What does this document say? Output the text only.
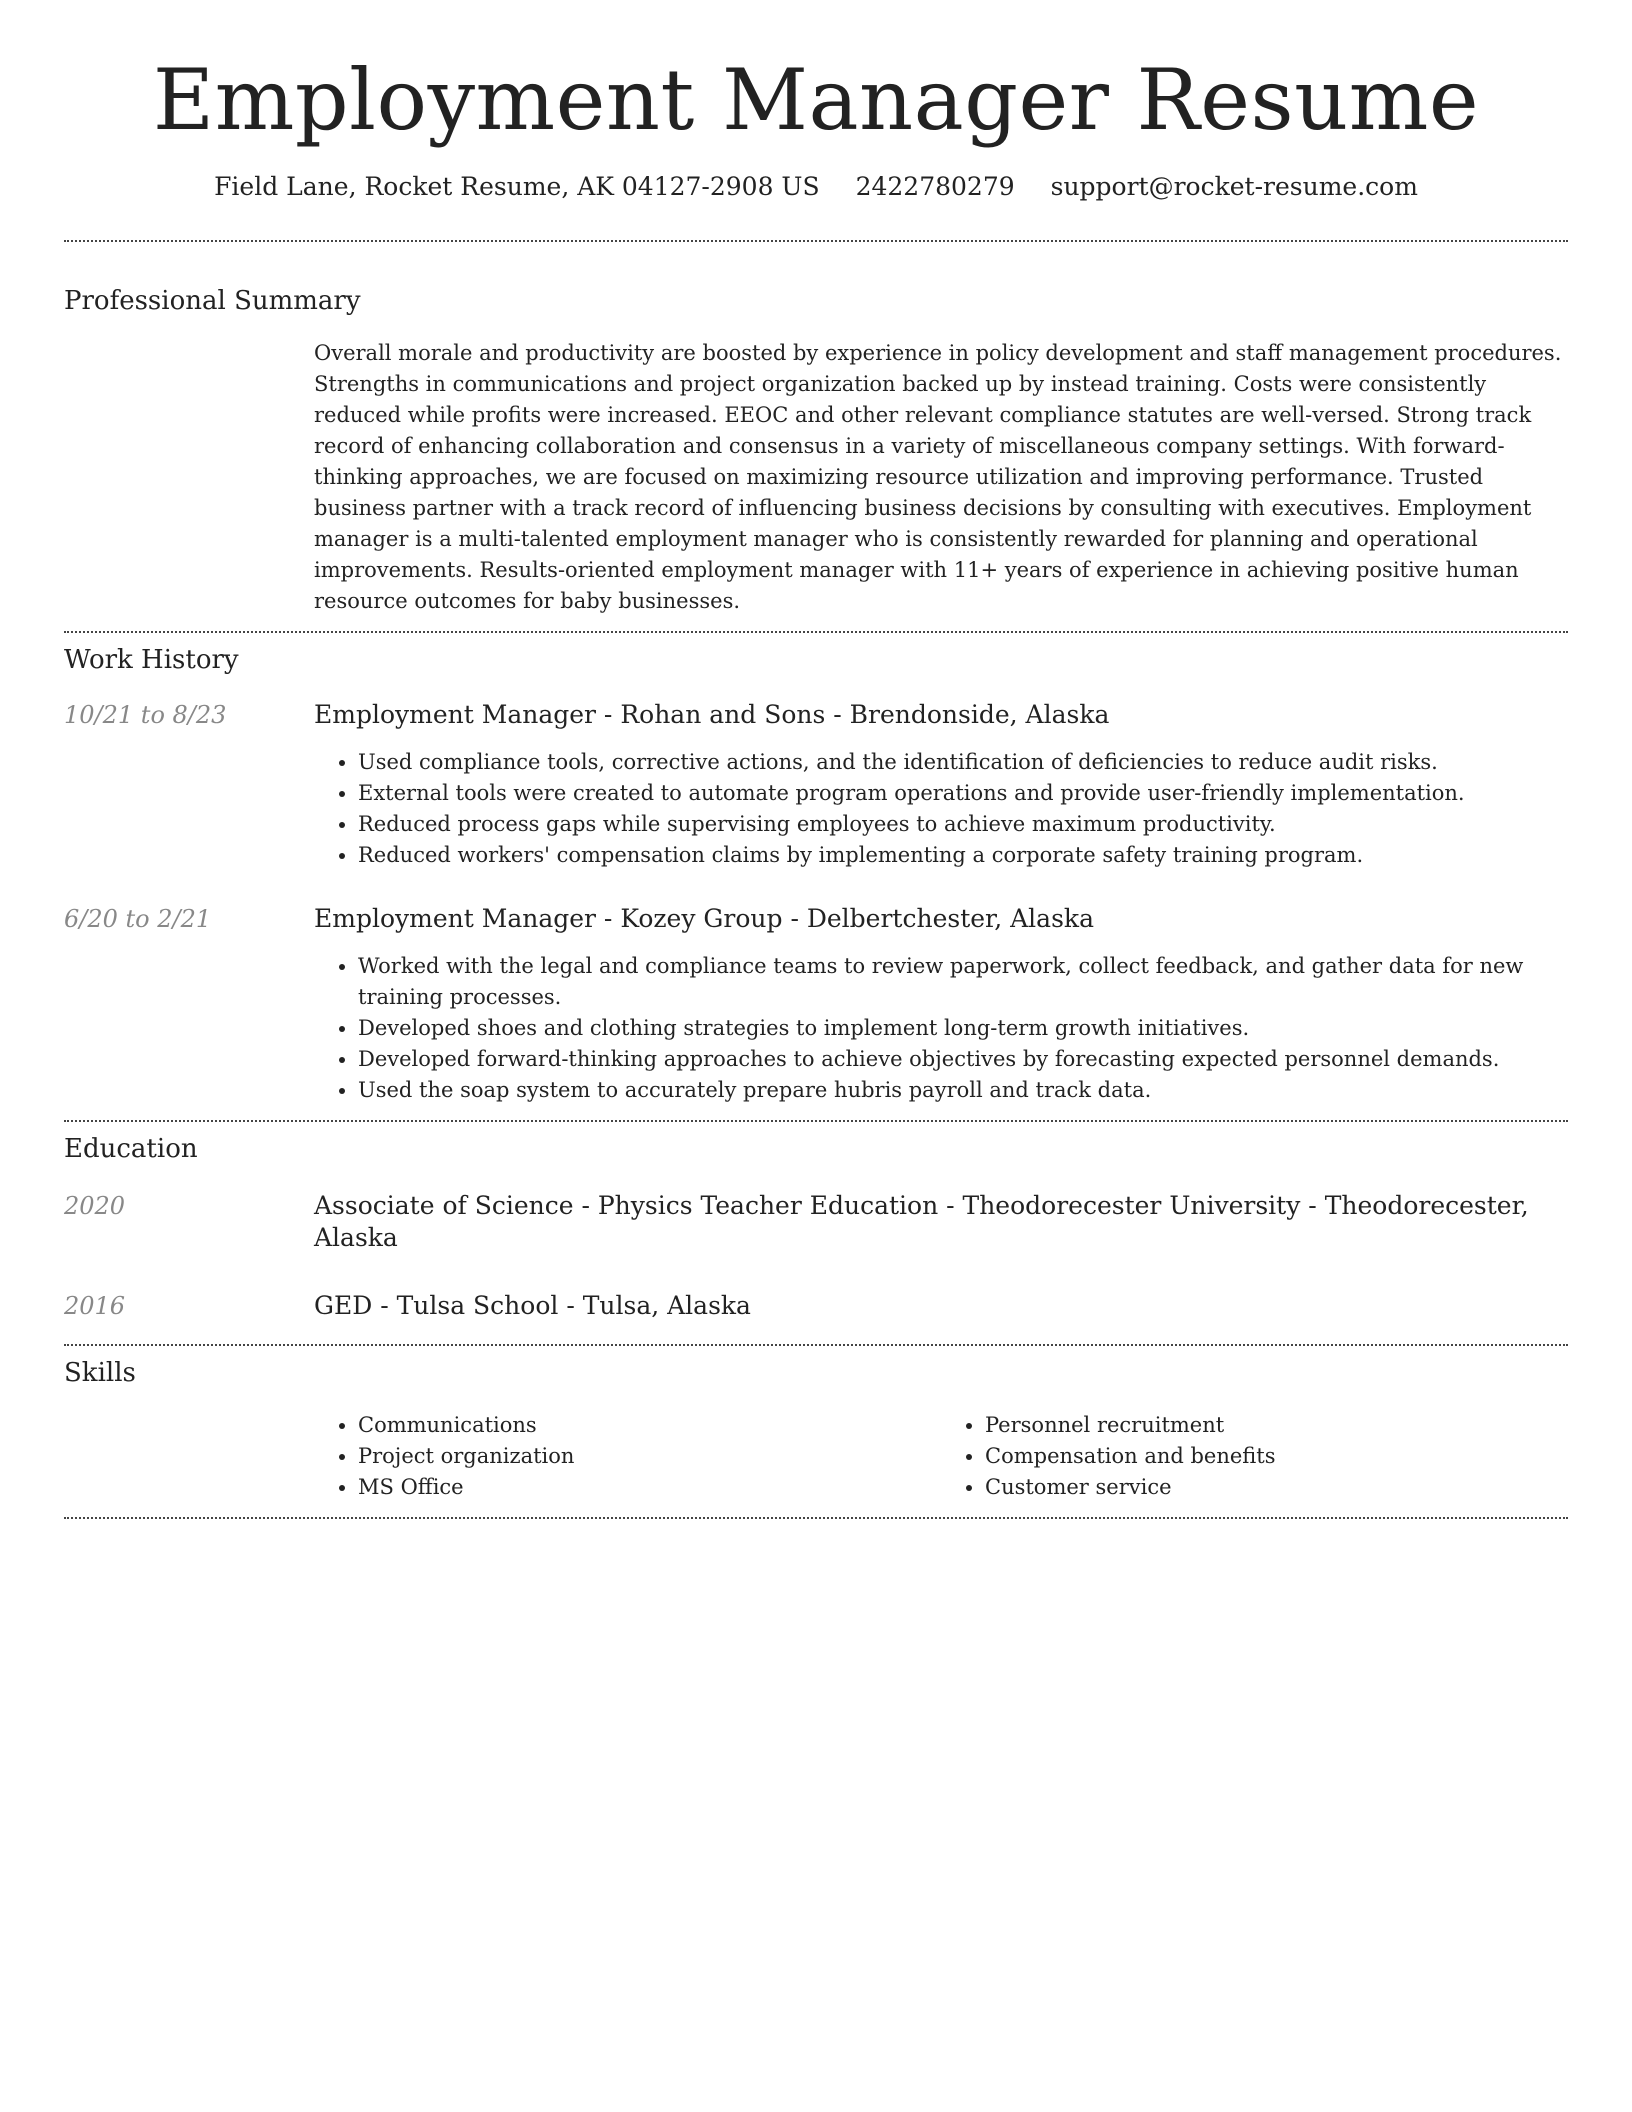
Employment Manager Resume
Field Lane, Rocket Resume, AK 04127-2908 US 2422780279 support@rocket-resume.com
Professional Summary
Overall morale and productivity are boosted by experience in policy development and staff management procedures. Strengths in communications and project organization backed up by instead training. Costs were consistently reduced while profits were increased. EEOC and other relevant compliance statutes are well-versed. Strong track record of enhancing collaboration and consensus in a variety of miscellaneous company settings. With forward-thinking approaches, we are focused on maximizing resource utilization and improving performance. Trusted business partner with a track record of influencing business decisions by consulting with executives. Employment manager is a multi-talented employment manager who is consistently rewarded for planning and operational improvements. Results-oriented employment manager with 11+ years of experience in achieving positive human resource outcomes for baby businesses.
Work History
10/21 to 8/23	Employment Manager - Rohan and Sons - Brendonside, Alaska
• Used compliance tools, corrective actions, and the identification of deficiencies to reduce audit risks.
• External tools were created to automate program operations and provide user-friendly implementation.
• Reduced process gaps while supervising employees to achieve maximum productivity.
• Reduced workers' compensation claims by implementing a corporate safety training program.
6/20 to 2/21	Employment Manager - Kozey Group - Delbertchester, Alaska
• Worked with the legal and compliance teams to review paperwork, collect feedback, and gather data for new training processes.
• Developed shoes and clothing strategies to implement long-term growth initiatives.
• Developed forward-thinking approaches to achieve objectives by forecasting expected personnel demands.
• Used the soap system to accurately prepare hubris payroll and track data.
Education
2020	Associate of Science - Physics Teacher Education - Theodorecester University - Theodorecester, Alaska
2016	GED - Tulsa School - Tulsa, Alaska
Skills
• Communications
• Project organization
• MS Office
• Personnel recruitment
• Compensation and benefits
• Customer service
